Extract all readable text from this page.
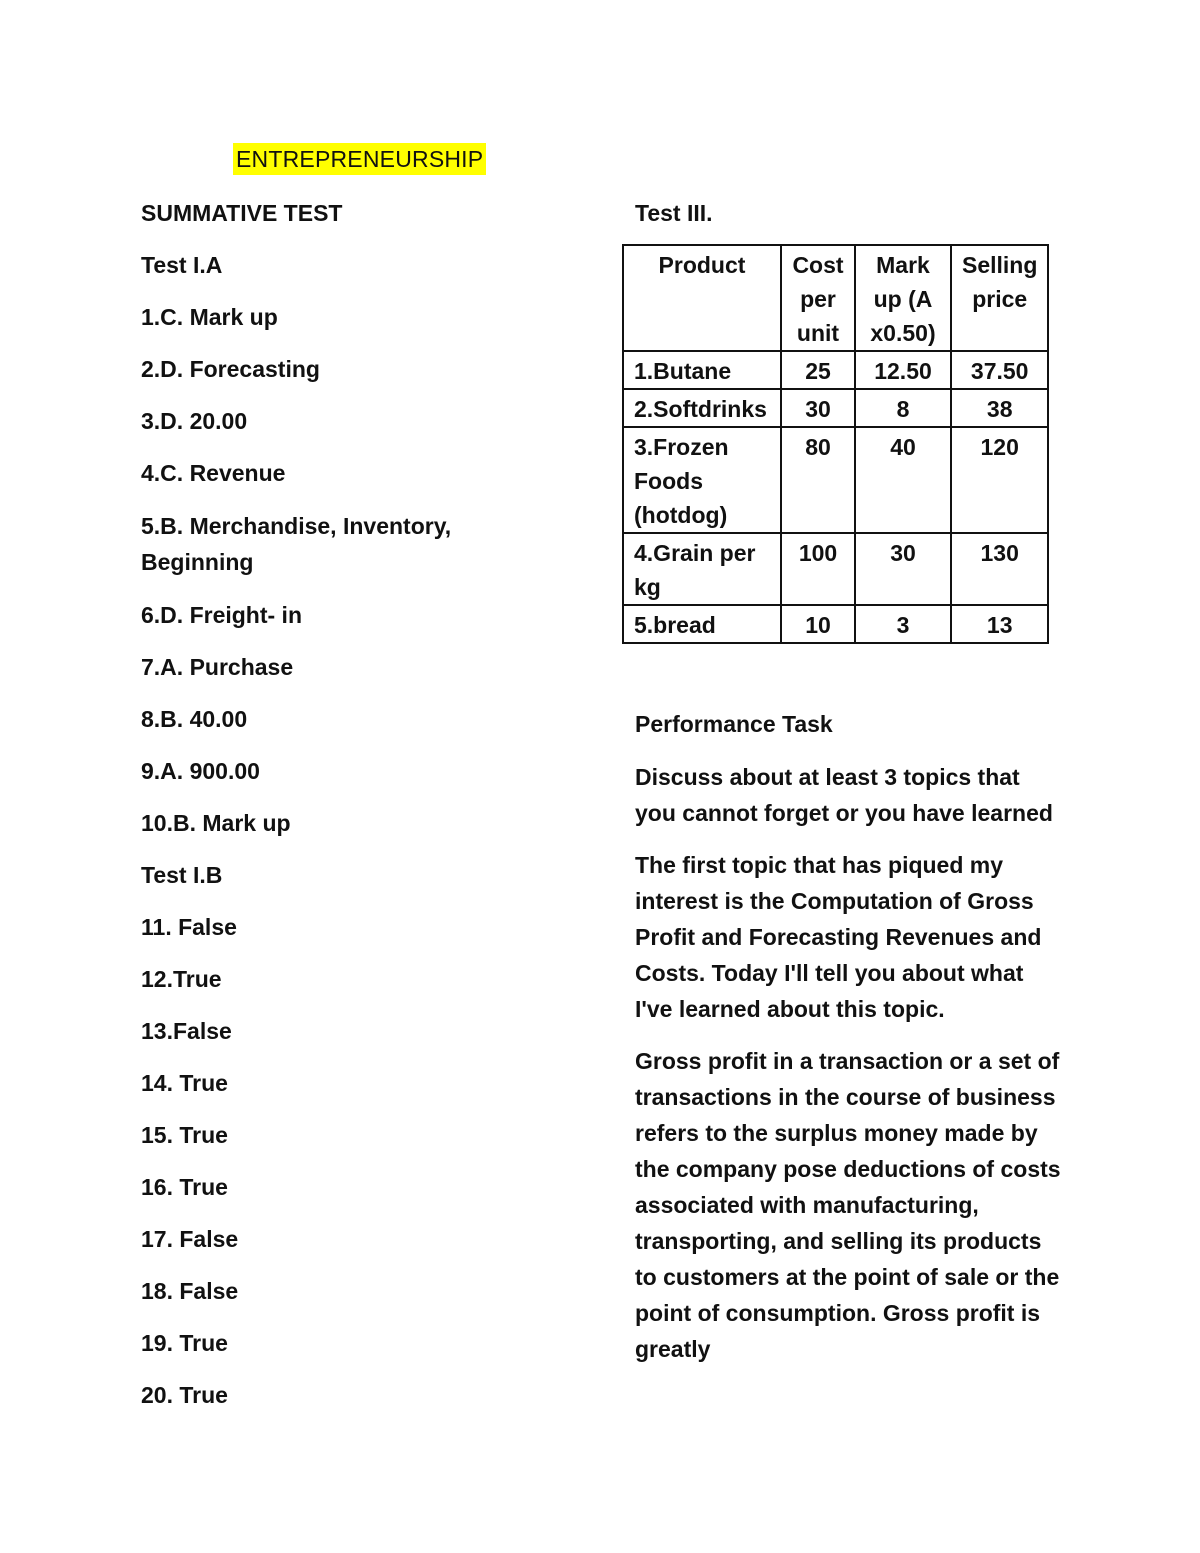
ENTREPRENEURSHIP
SUMMATIVE TEST
Test I.A
1.C. Mark up
2.D. Forecasting
3.D. 20.00
4.C. Revenue
5.B. Merchandise, Inventory, Beginning
6.D. Freight- in
7.A. Purchase
8.B. 40.00
9.A. 900.00
10.B. Mark up
Test I.B
11. False
12.True
13.False
14. True
15. True
16. True
17. False
18. False
19. True
20. True
Test III.
Product	Cost per unit	Mark up (A x0.50)	Selling price
1.Butane	25	12.50	37.50
2.Softdrinks	30	8	38
3.Frozen Foods (hotdog)	80	40	120
4.Grain per kg	100	30	130
5.bread	10	3	13

Performance Task

Discuss about at least 3 topics that you cannot forget or you have learned

The first topic that has piqued my interest is the Computation of Gross Profit and Forecasting Revenues and Costs. Today I'll tell you about what I've learned about this topic.

Gross profit in a transaction or a set of transactions in the course of business refers to the surplus money made by the company pose deductions of costs associated with manufacturing, transporting, and selling its products to customers at the point of sale or the point of consumption. Gross profit is greatly
